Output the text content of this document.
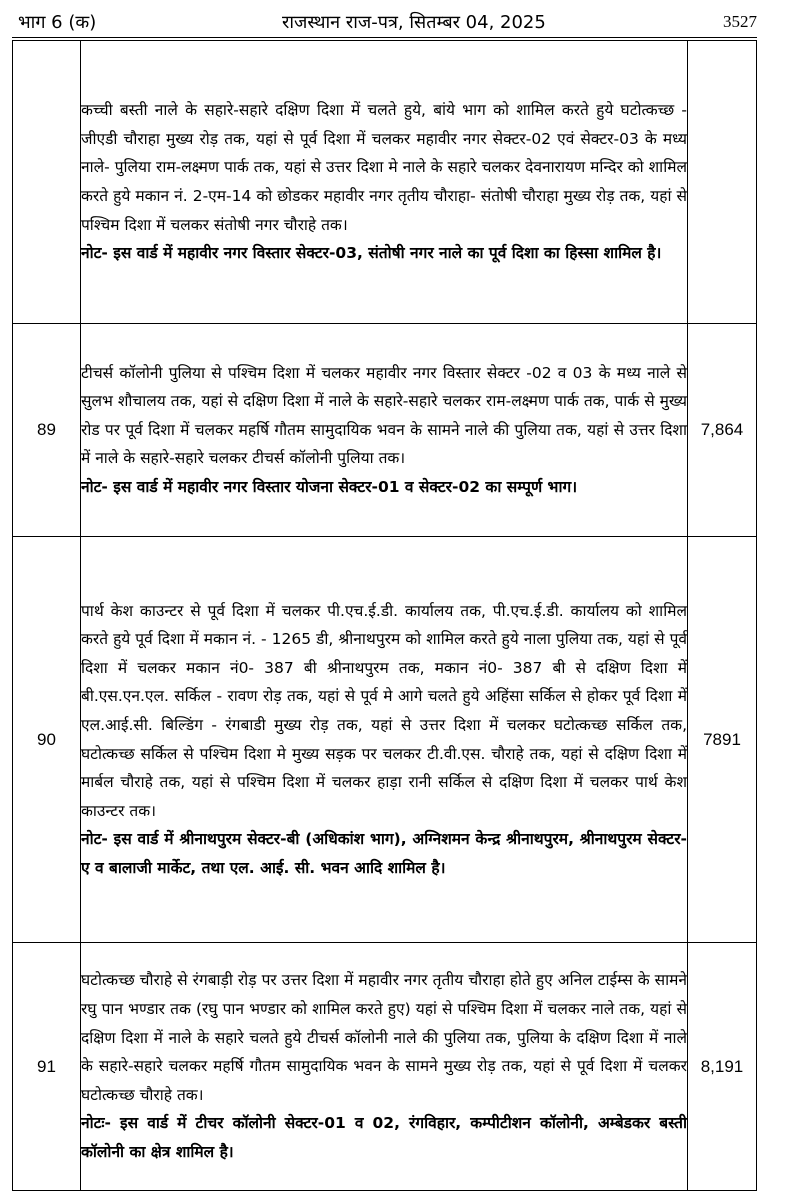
भाग 6 (क)	राजस्थान राज-पत्र, सितम्बर 04, 2025	3527
	कच्ची बस्ती नाले के सहारे-सहारे दक्षिण दिशा में चलते हुये, बांये भाग को शामिल करते हुये घटोत्कच्छ - जीएडी चौराहा मुख्य रोड़ तक, यहां से पूर्व दिशा में चलकर महावीर नगर सेक्टर-02 एवं सेक्टर-03 के मध्य नाले- पुलिया राम-लक्ष्मण पार्क तक, यहां से उत्तर दिशा मे नाले के सहारे चलकर देवनारायण मन्दिर को शामिल करते हुये मकान नं. 2-एम-14 को छोडकर महावीर नगर तृतीय चौराहा- संतोषी चौराहा मुख्य रोड़ तक, यहां से पश्चिम दिशा में चलकर संतोषी नगर चौराहे तक।
नोट- इस वार्ड में महावीर नगर विस्तार सेक्टर-03, संतोषी नगर नाले का पूर्व दिशा का हिस्सा शामिल है।	
89	टीचर्स कॉलोनी पुलिया से पश्चिम दिशा में चलकर महावीर नगर विस्तार सेक्टर -02 व 03 के मध्य नाले से सुलभ शौचालय तक, यहां से दक्षिण दिशा में नाले के सहारे-सहारे चलकर राम-लक्ष्मण पार्क तक, पार्क से मुख्य रोड पर पूर्व दिशा में चलकर महर्षि गौतम सामुदायिक भवन के सामने नाले की पुलिया तक, यहां से उत्तर दिशा में नाले के सहारे-सहारे चलकर टीचर्स कॉलोनी पुलिया तक।
नोट- इस वार्ड में महावीर नगर विस्तार योजना सेक्टर-01 व सेक्टर-02 का सम्पूर्ण भाग।	7,864
90	पार्थ केश काउन्टर से पूर्व दिशा में चलकर पी.एच.ई.डी. कार्यालय तक, पी.एच.ई.डी. कार्यालय को शामिल करते हुये पूर्व दिशा में मकान नं. - 1265 डी, श्रीनाथपुरम को शामिल करते हुये नाला पुलिया तक, यहां से पूर्व दिशा में चलकर मकान नं0- 387 बी श्रीनाथपुरम तक, मकान नं0- 387 बी से दक्षिण दिशा में बी.एस.एन.एल. सर्किल - रावण रोड़ तक, यहां से पूर्व मे आगे चलते हुये अहिंसा सर्किल से होकर पूर्व दिशा में एल.आई.सी. बिल्डिंग - रंगबाडी मुख्य रोड़ तक, यहां से उत्तर दिशा में चलकर घटोत्कच्छ सर्किल तक, घटोत्कच्छ सर्किल से पश्चिम दिशा मे मुख्य सड़क पर चलकर टी.वी.एस. चौराहे तक, यहां से दक्षिण दिशा में मार्बल चौराहे तक, यहां से पश्चिम दिशा में चलकर हाड़ा रानी सर्किल से दक्षिण दिशा में चलकर पार्थ केश काउन्टर तक।
नोट- इस वार्ड में श्रीनाथपुरम सेक्टर-बी (अधिकांश भाग), अग्निशमन केन्द्र श्रीनाथपुरम, श्रीनाथपुरम सेक्टर-ए व बालाजी मार्केट, तथा एल. आई. सी. भवन आदि शामिल है।	7891
91	घटोत्कच्छ चौराहे से रंगबाड़ी रोड़ पर उत्तर दिशा में महावीर नगर तृतीय चौराहा होते हुए अनिल टाईम्स के सामने रघु पान भण्डार तक (रघु पान भण्डार को शामिल करते हुए) यहां से पश्चिम दिशा में चलकर नाले तक, यहां से दक्षिण दिशा में नाले के सहारे चलते हुये टीचर्स कॉलोनी नाले की पुलिया तक, पुलिया के दक्षिण दिशा में नाले के सहारे-सहारे चलकर महर्षि गौतम सामुदायिक भवन के सामने मुख्य रोड़ तक, यहां से पूर्व दिशा में चलकर घटोत्कच्छ चौराहे तक।
नोटः- इस वार्ड में टीचर कॉलोनी सेक्टर-01 व 02, रंगविहार, कम्पीटीशन कॉलोनी, अम्बेडकर बस्ती कॉलोनी का क्षेत्र शामिल है।	8,191
